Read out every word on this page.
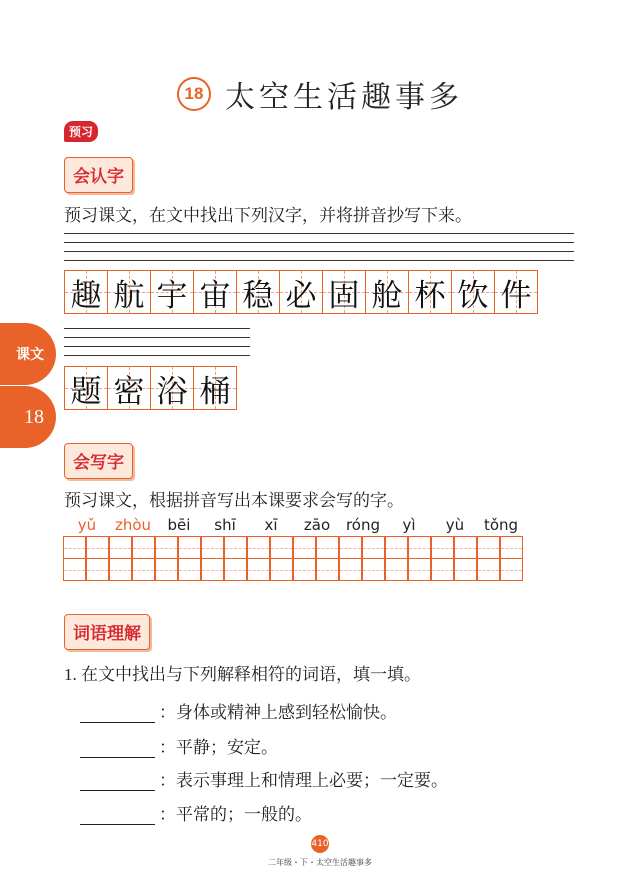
18 太空生活趣事多
预习
会认字
预习课文，在文中找出下列汉字，并将拼音抄写下来。
趣 航 宇 宙 稳 必 固 舱 杯 饮 件
题 密 浴 桶
课文
18
会写字
预习课文，根据拼音写出本课要求会写的字。
yǔ	zhòu	bēi	shī	xī	zāo	róng	yì	yù	tǒng
词语理解
1. 在文中找出与下列解释相符的词语，填一填。
：身体或精神上感到轻松愉快。
：平静；安定。
：表示事理上和情理上必要；一定要。
：平常的；一般的。
410
二年级・下・太空生活趣事多
